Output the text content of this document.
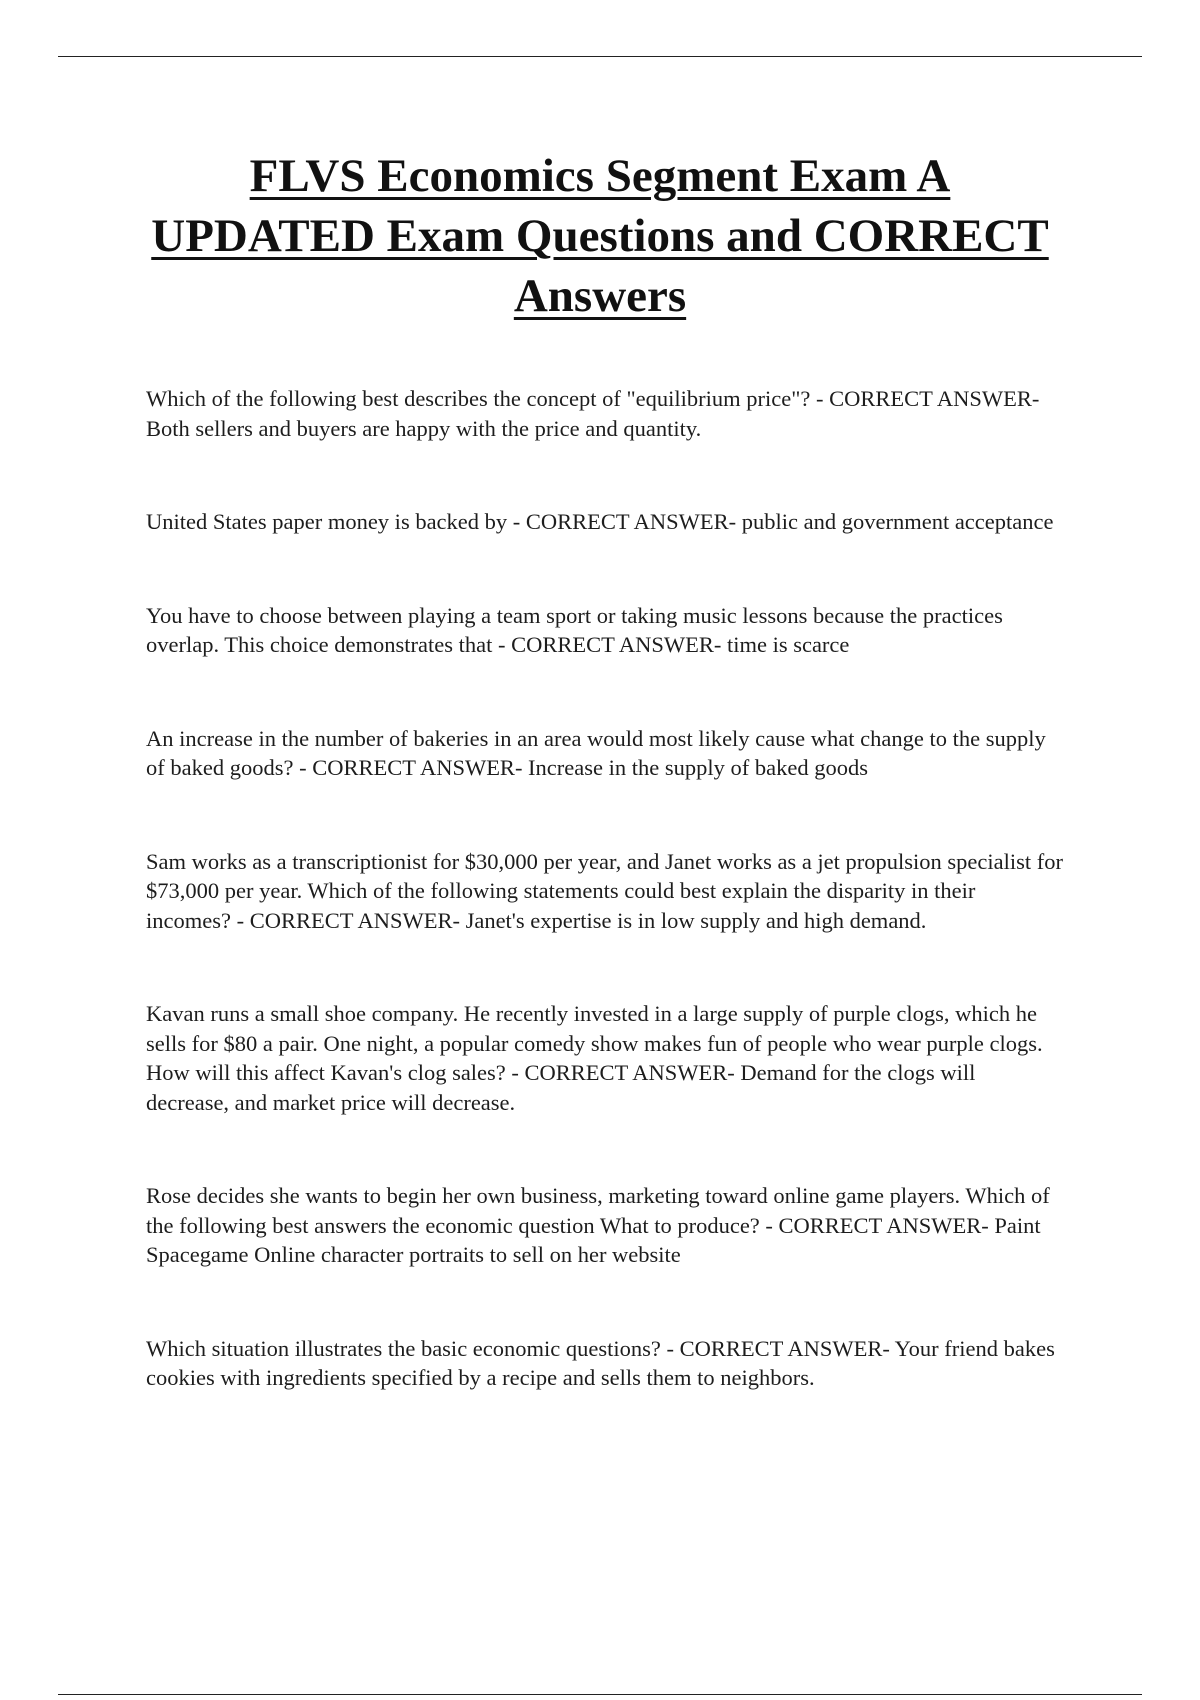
FLVS Economics Segment Exam A UPDATED Exam Questions and CORRECT Answers
Which of the following best describes the concept of "equilibrium price"? - CORRECT ANSWER- Both sellers and buyers are happy with the price and quantity.
United States paper money is backed by - CORRECT ANSWER- public and government acceptance
You have to choose between playing a team sport or taking music lessons because the practices overlap. This choice demonstrates that - CORRECT ANSWER- time is scarce
An increase in the number of bakeries in an area would most likely cause what change to the supply of baked goods? - CORRECT ANSWER- Increase in the supply of baked goods
Sam works as a transcriptionist for $30,000 per year, and Janet works as a jet propulsion specialist for $73,000 per year. Which of the following statements could best explain the disparity in their incomes? - CORRECT ANSWER- Janet's expertise is in low supply and high demand.
Kavan runs a small shoe company. He recently invested in a large supply of purple clogs, which he sells for $80 a pair. One night, a popular comedy show makes fun of people who wear purple clogs. How will this affect Kavan's clog sales? - CORRECT ANSWER- Demand for the clogs will decrease, and market price will decrease.
Rose decides she wants to begin her own business, marketing toward online game players. Which of the following best answers the economic question What to produce? - CORRECT ANSWER- Paint Spacegame Online character portraits to sell on her website
Which situation illustrates the basic economic questions? - CORRECT ANSWER- Your friend bakes cookies with ingredients specified by a recipe and sells them to neighbors.
